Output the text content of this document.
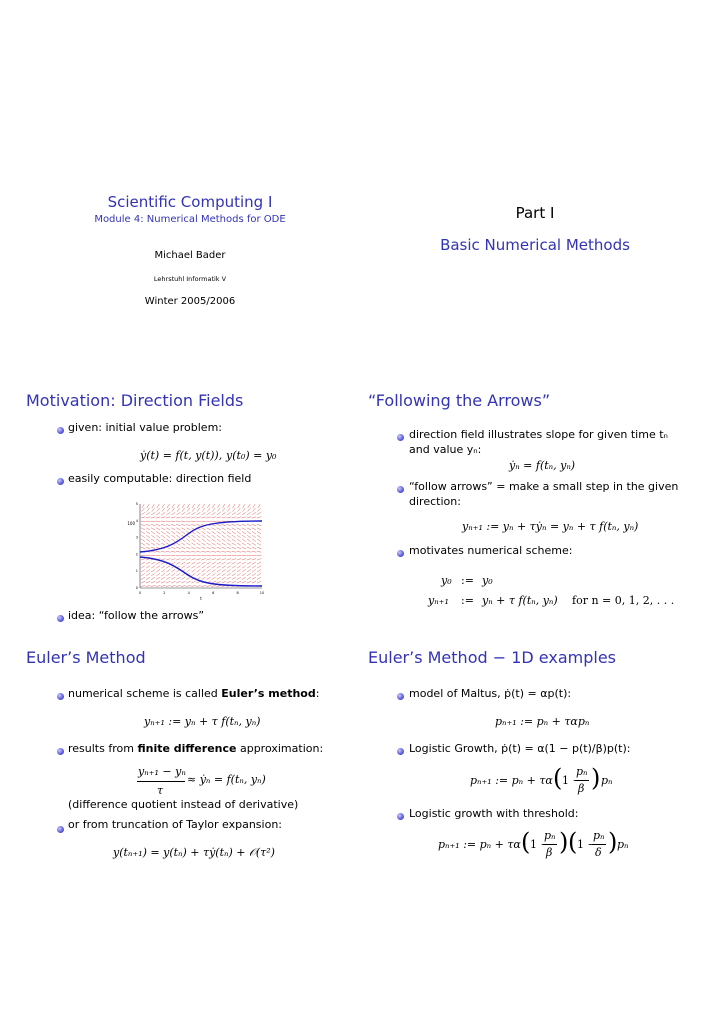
Scientific Computing I
Module 4: Numerical Methods for ODE
Michael Bader
Lehrstuhl Informatik V
Winter 2005/2006
Part I
Basic Numerical Methods
Motivation: Direction Fields
given: initial value problem:
ẏ(t) = f(t, y(t)), y(t₀) = y₀
easily computable: direction field
0	2	4	6	8	10
0
1
2
3
4
5
100
t
idea: “follow the arrows”
“Following the Arrows”
direction field illustrates slope for given time tₙ and value yₙ:
ẏₙ = f(tₙ, yₙ)
“follow arrows” = make a small step in the given direction:
yₙ₊₁ := yₙ + τẏₙ = yₙ + τ f(tₙ, yₙ)
motivates numerical scheme:
y₀ := y₀
yₙ₊₁ := yₙ + τ f(tₙ, yₙ) for n = 0, 1, 2, . . .
Euler’s Method
numerical scheme is called Euler’s method:
yₙ₊₁ := yₙ + τ f(tₙ, yₙ)
results from finite difference approximation:
yₙ₊₁ − yₙ
τ
≈ ẏₙ = f(tₙ, yₙ)
(difference quotient instead of derivative)
or from truncation of Taylor expansion:
y(tₙ₊₁) = y(tₙ) + τẏ(tₙ) + 𝒪(τ²)
Euler’s Method − 1D examples
model of Maltus, ṗ(t) = αp(t):
pₙ₊₁ := pₙ + ταpₙ
Logistic Growth, ṗ(t) = α(1 − p(t)/β)p(t):
pₙ₊₁ := pₙ + τα ( 1 −
pₙ
β ) pₙ
Logistic growth with threshold:
pₙ₊₁ := pₙ + τα ( 1 −
pₙ
β ) ( 1 −
pₙ
δ ) pₙ
